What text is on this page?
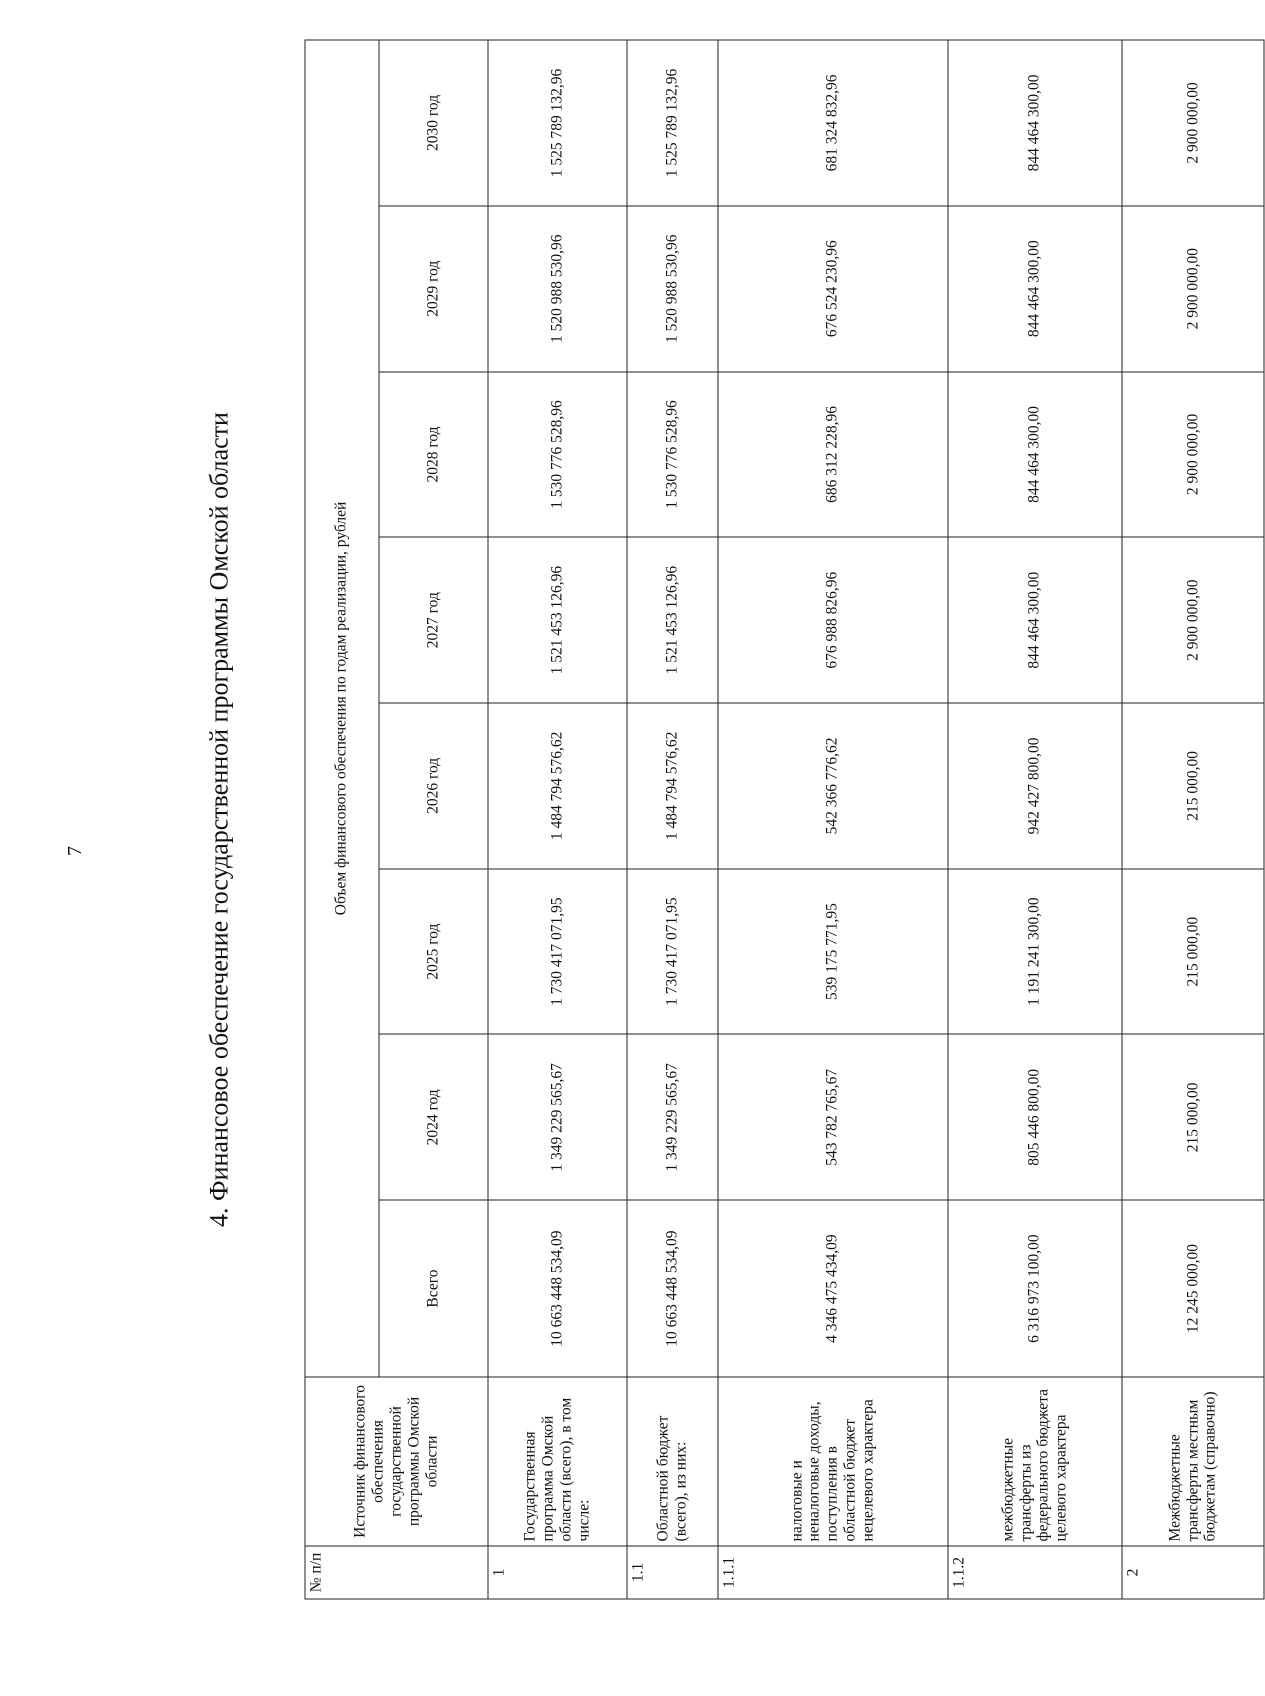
7	4. Финансовое обеспечение государственной программы Омской области
№ п/п	Источник финансового обеспечения государственной программы Омской области	Объем финансового обеспечения по годам реализации, рублей							
		Всего	2024 год	2025 год	2026 год	2027 год	2028 год	2029 год	2030 год
1	Государственная программа Омской области (всего), в том числе:	10 663 448 534,09	1 349 229 565,67	1 730 417 071,95	1 484 794 576,62	1 521 453 126,96	1 530 776 528,96	1 520 988 530,96	1 525 789 132,96
1.1	Областной бюджет (всего), из них:	10 663 448 534,09	1 349 229 565,67	1 730 417 071,95	1 484 794 576,62	1 521 453 126,96	1 530 776 528,96	1 520 988 530,96	1 525 789 132,96
1.1.1	налоговые и неналоговые доходы, поступления в областной бюджет нецелевого характера	4 346 475 434,09	543 782 765,67	539 175 771,95	542 366 776,62	676 988 826,96	686 312 228,96	676 524 230,96	681 324 832,96
1.1.2	межбюджетные трансферты из федерального бюджета целевого характера	6 316 973 100,00	805 446 800,00	1 191 241 300,00	942 427 800,00	844 464 300,00	844 464 300,00	844 464 300,00	844 464 300,00
2	Межбюджетные трансферты местным бюджетам (справочно)	12 245 000,00	215 000,00	215 000,00	215 000,00	2 900 000,00	2 900 000,00	2 900 000,00	2 900 000,00
